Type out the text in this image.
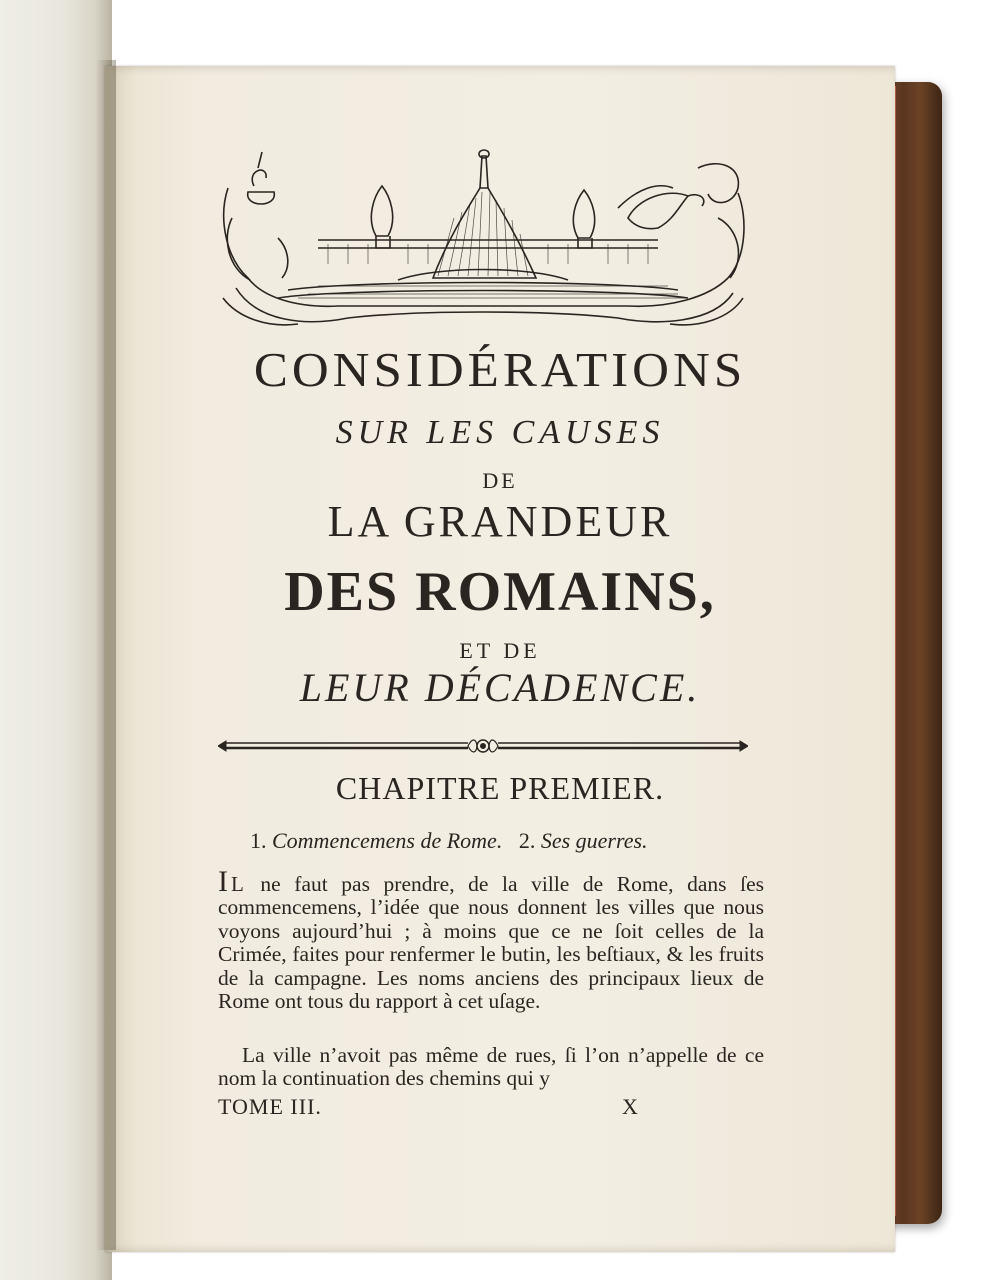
CONSIDÉRATIONS
SUR LES CAUSES
DE
LA GRANDEUR
DES ROMAINS,
ET DE
LEUR DÉCADENCE.
CHAPITRE PREMIER.
1. Commencemens de Rome. 2. Ses guerres.

Il ne faut pas prendre, de la ville de Rome, dans ſes commencemens, l’idée que nous donnent les villes que nous voyons aujourd’hui ; à moins que ce ne ſoit celles de la Crimée, faites pour renfermer le butin, les beſtiaux, & les fruits de la campagne. Les noms anciens des principaux lieux de Rome ont tous du rapport à cet uſage.

La ville n’avoit pas même de rues, ſi l’on n’appelle de ce nom la continuation des chemins qui y

TOME III.	X
